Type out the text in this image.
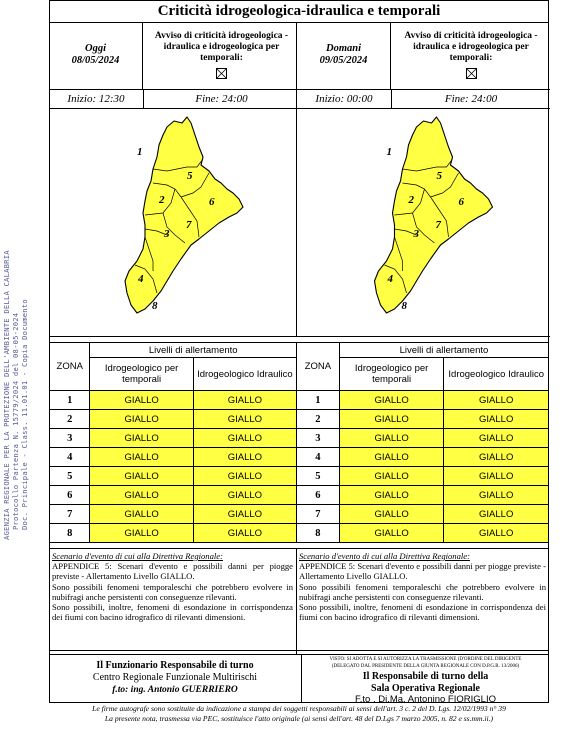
AGENZIA REGIONALE PER LA PROTEZIONE DELL'AMBIENTE DELLA CALABRIA Protocollo Partenza N. 15779/2024 del 08-05-2024 Doc. Principale - Class. 11.01.01 - Copia Documento
Criticità idrogeologica-idraulica e temporali
Oggi
08/05/2024
Avviso di criticità idrogeologica - idraulica e idrogeologica per temporali:
Inizio: 12:30	Fine: 24:00
1
2
3
4
5
6
7
8
Domani
09/05/2024
Avviso di criticità idrogeologica - idraulica e idrogeologica per temporali:
Inizio: 00:00	Fine: 24:00
1
2
3
4
5
6
7
8
ZONA	Livelli di allertamento	
	Idrogeologico per temporali	Idrogeologico Idraulico
1	GIALLO	GIALLO
2	GIALLO	GIALLO
3	GIALLO	GIALLO
4	GIALLO	GIALLO
5	GIALLO	GIALLO
6	GIALLO	GIALLO
7	GIALLO	GIALLO
8	GIALLO	GIALLO
ZONA	Livelli di allertamento	
	Idrogeologico per temporali	Idrogeologico Idraulico
1	GIALLO	GIALLO
2	GIALLO	GIALLO
3	GIALLO	GIALLO
4	GIALLO	GIALLO
5	GIALLO	GIALLO
6	GIALLO	GIALLO
7	GIALLO	GIALLO
8	GIALLO	GIALLO
Scenario d'evento di cui alla Direttiva Regionale:
APPENDICE 5: Scenari d'evento e possibili danni per piogge previste - Allertamento Livello GIALLO.
Sono possibili fenomeni temporaleschi che potrebbero evolvere in nubifragi anche persistenti con conseguenze rilevanti.
Sono possibili, inoltre, fenomeni di esondazione in corrispondenza dei fiumi con bacino idrografico di rilevanti dimensioni.
Scenario d'evento di cui alla Direttiva Regionale:
APPENDICE 5: Scenari d'evento e possibili danni per piogge previste - Allertamento Livello GIALLO.
Sono possibili fenomeni temporaleschi che potrebbero evolvere in nubifragi anche persistenti con conseguenze rilevanti.
Sono possibili, inoltre, fenomeni di esondazione in corrispondenza dei fiumi con bacino idrografico di rilevanti dimensioni.
Il Funzionario Responsabile di turno
Centro Regionale Funzionale Multirischi
f.to: ing. Antonio GUERRIERO
VISTO: SI ADOTTA E SI AUTORIZZA LA TRASMISSIONE (D'ORDINE DEL DIRIGENTE
(DELEGATO DAL PRESIDENTE DELLA GIUNTA REGIONALE CON D.P.G.R. 13/2006)
Il Responsabile di turno della
Sala Operativa Regionale
F.to . Di.Ma. Antonino FIORIGLIO
Le firme autografe sono sostituite da indicazione a stampa dei soggetti responsabili ai sensi dell'art. 3 c. 2 del D. Lgs. 12/02/1993 n° 39
La presente nota, trasmessa via PEC, sostituisce l'atto originale (ai sensi dell'art. 48 del D.Lgs 7 marzo 2005, n. 82 e ss.mm.ii.)
